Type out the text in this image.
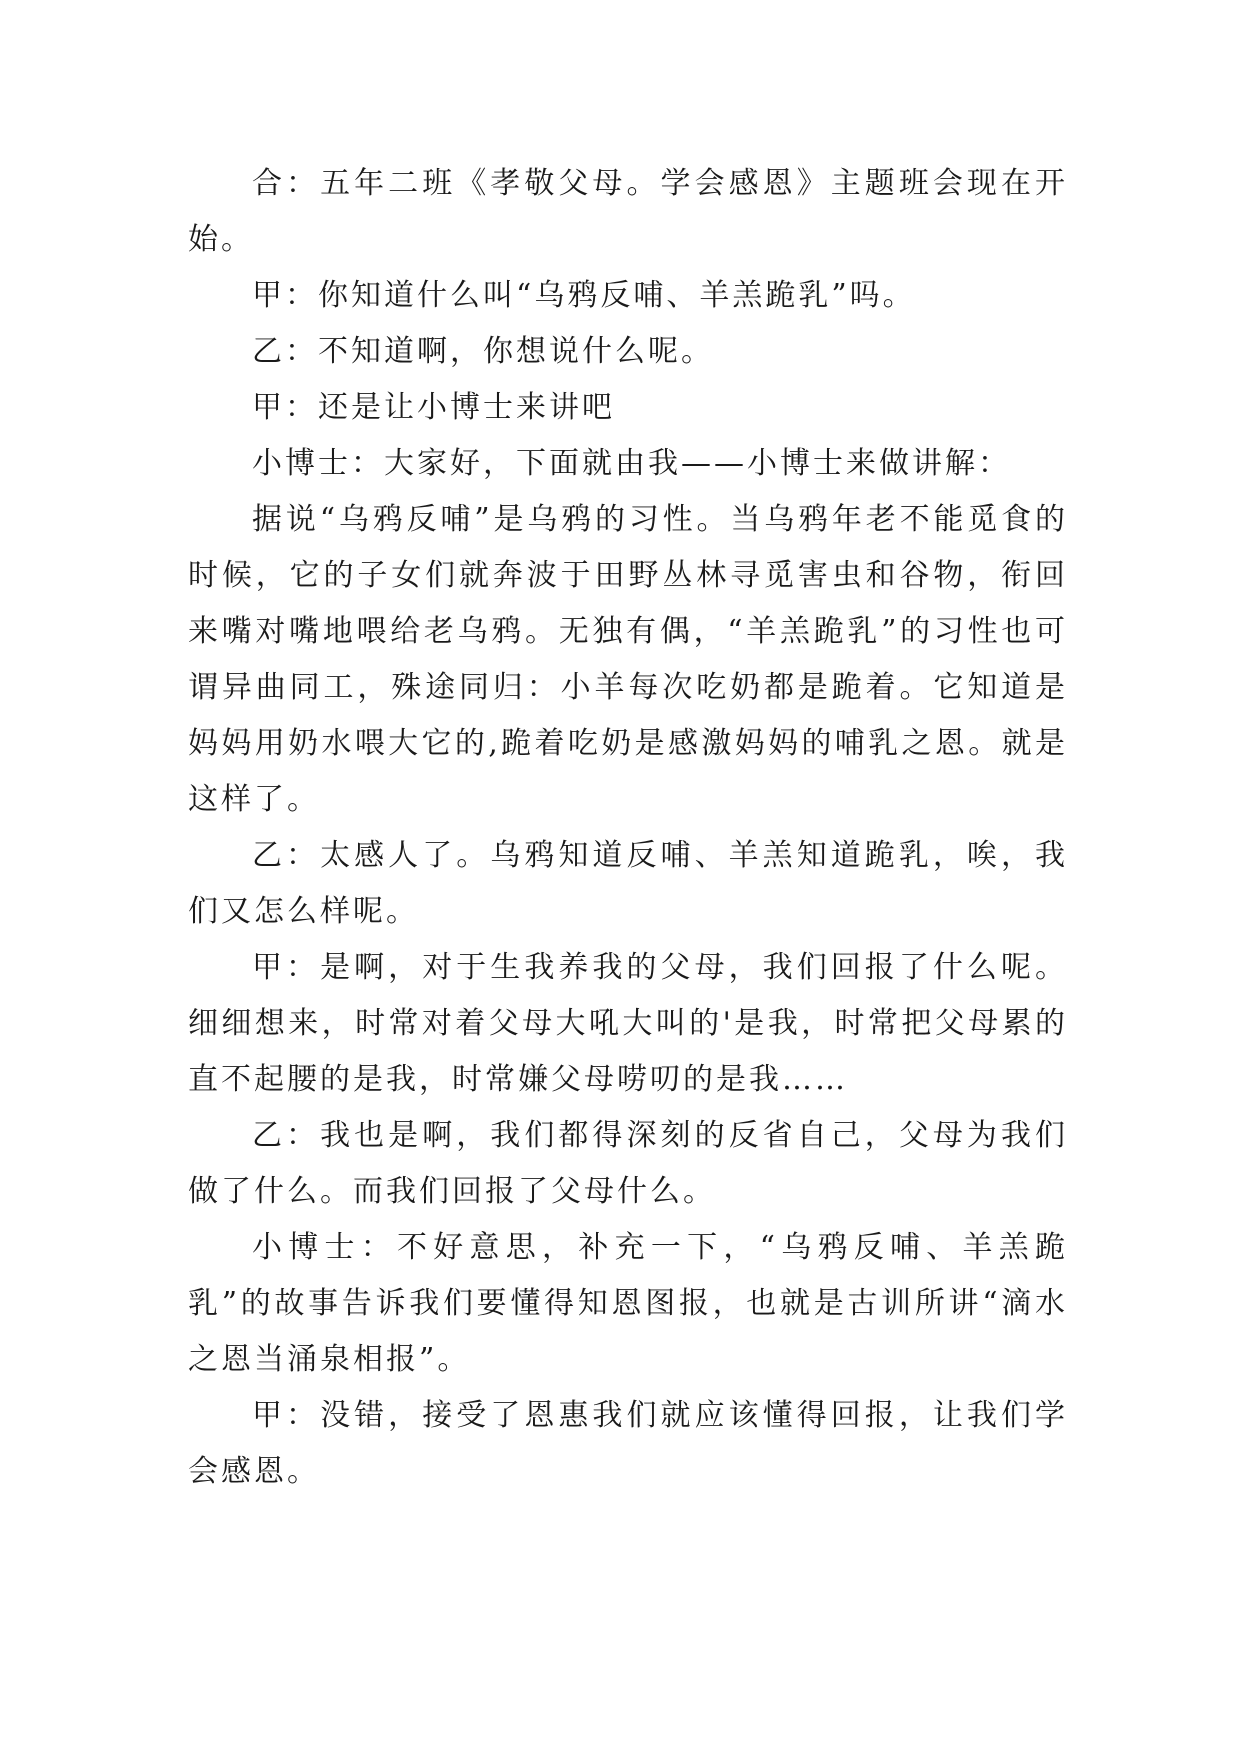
合：五年二班《孝敬父母。学会感恩》主题班会现在开始。

甲：你知道什么叫“乌鸦反哺、羊羔跪乳”吗。

乙：不知道啊，你想说什么呢。

甲：还是让小博士来讲吧

小博士：大家好，下面就由我——小博士来做讲解：

据说“乌鸦反哺”是乌鸦的习性。当乌鸦年老不能觅食的时候，它的子女们就奔波于田野丛林寻觅害虫和谷物，衔回来嘴对嘴地喂给老乌鸦。无独有偶，“羊羔跪乳”的习性也可谓异曲同工，殊途同归：小羊每次吃奶都是跪着。它知道是妈妈用奶水喂大它的,跪着吃奶是感激妈妈的哺乳之恩。就是这样了。

乙：太感人了。乌鸦知道反哺、羊羔知道跪乳，唉，我们又怎么样呢。

甲：是啊，对于生我养我的父母，我们回报了什么呢。细细想来，时常对着父母大吼大叫的'是我，时常把父母累的直不起腰的是我，时常嫌父母唠叨的是我……

乙：我也是啊，我们都得深刻的反省自己，父母为我们做了什么。而我们回报了父母什么。

小博士：不好意思，补充一下，“乌鸦反哺、羊羔跪乳”的故事告诉我们要懂得知恩图报，也就是古训所讲“滴水之恩当涌泉相报”。

甲：没错，接受了恩惠我们就应该懂得回报，让我们学会感恩。
